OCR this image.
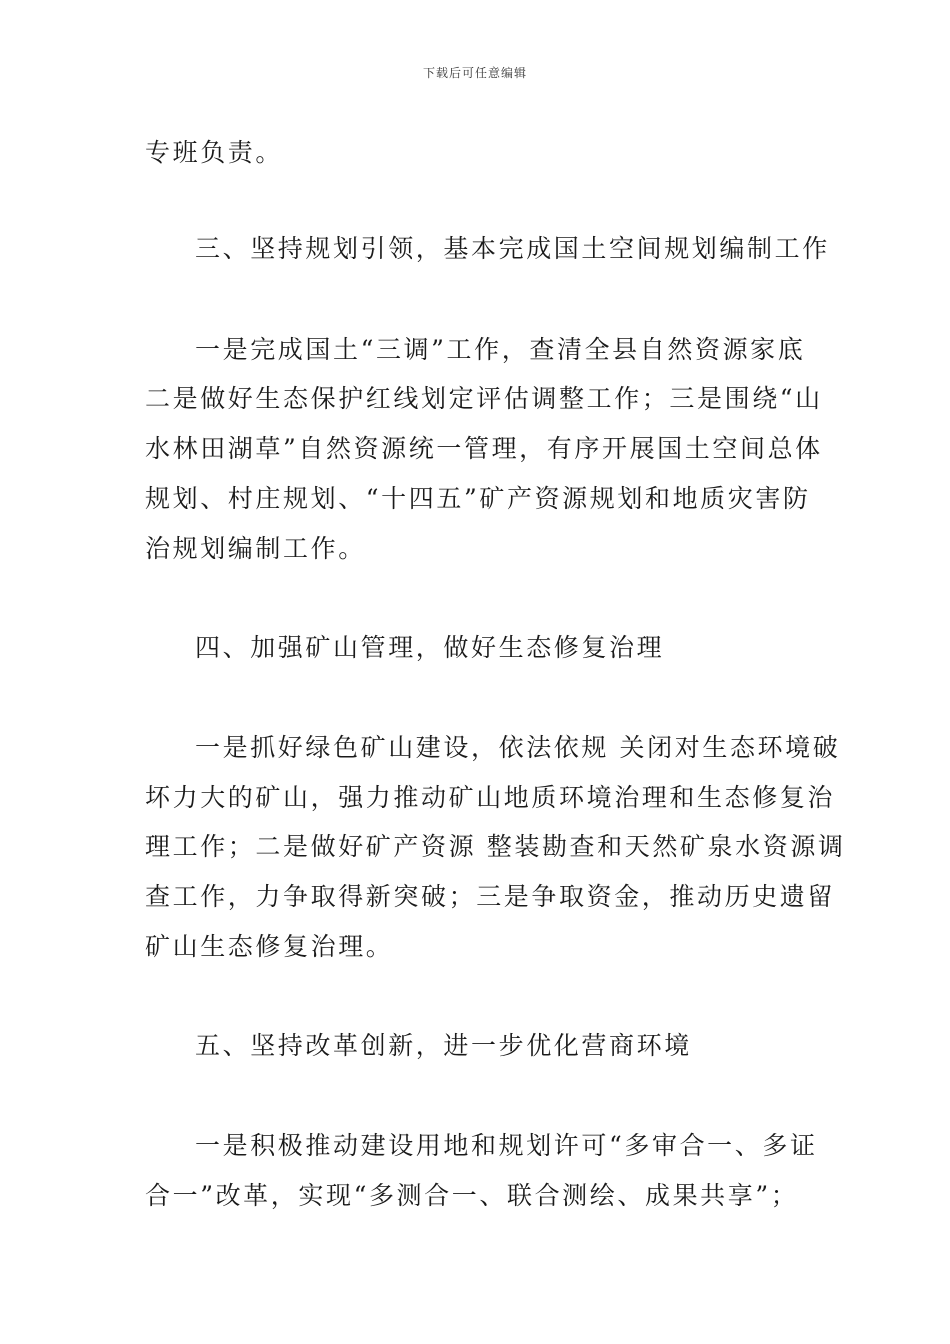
下载后可任意编辑
专班负责。
三、坚持规划引领，基本完成国土空间规划编制工作
一是完成国土“三调”工作，查清全县自然资源家底
二是做好生态保护红线划定评估调整工作；三是围绕“山
水林田湖草”自然资源统一管理，有序开展国土空间总体
规划、村庄规划、“十四五”矿产资源规划和地质灾害防
治规划编制工作。
四、加强矿山管理，做好生态修复治理
一是抓好绿色矿山建设，依法依规 关闭对生态环境破
坏力大的矿山，强力推动矿山地质环境治理和生态修复治
理工作；二是做好矿产资源 整装勘查和天然矿泉水资源调
查工作，力争取得新突破；三是争取资金，推动历史遗留
矿山生态修复治理。
五、坚持改革创新，进一步优化营商环境
一是积极推动建设用地和规划许可“多审合一、多证
合一”改革，实现“多测合一、联合测绘、成果共享”；
